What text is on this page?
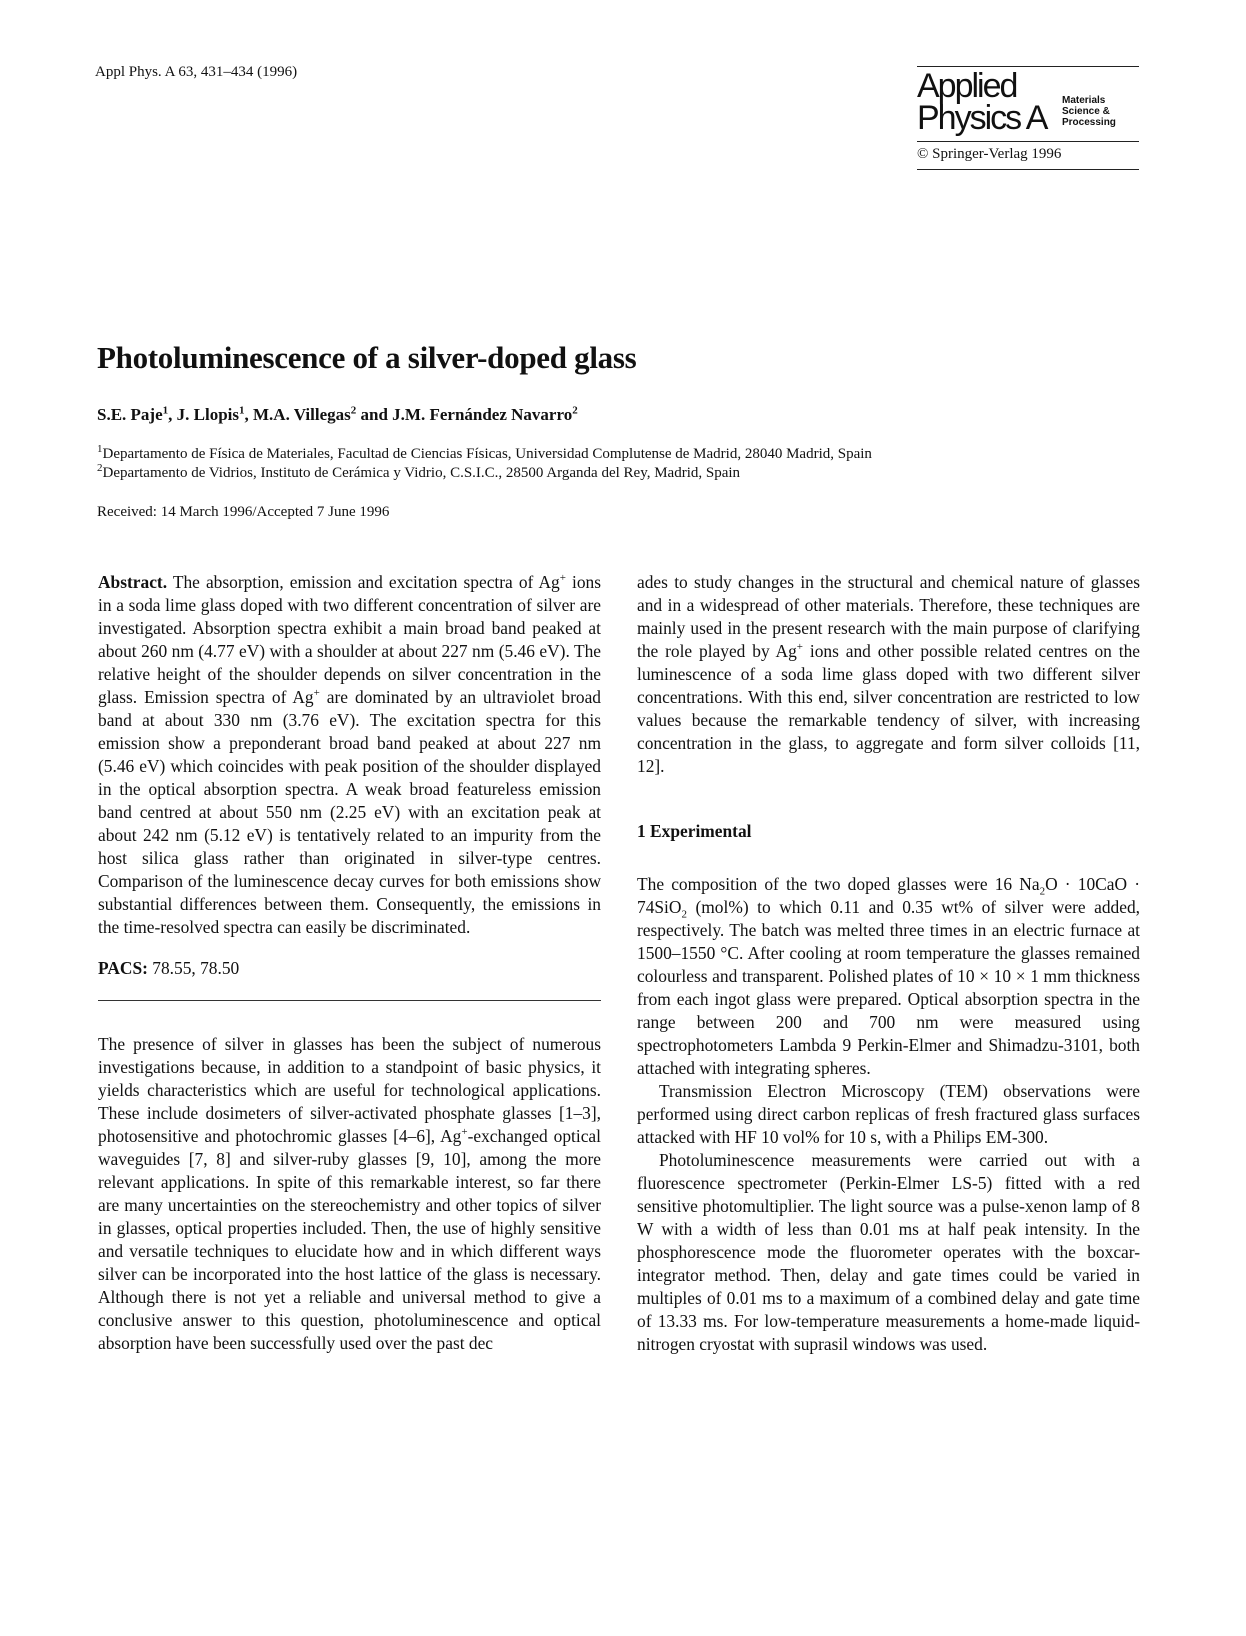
Appl Phys. A 63, 431–434 (1996)	Applied
Physics A Materials
Science &
Processing
© Springer-Verlag 1996
Photoluminescence of a silver-doped glass
S.E. Paje$^1$, J. Llopis$^1$, M.A. Villegas$^2$ and J.M. Fernández Navarro$^2$
$^1$Departamento de Física de Materiales, Facultad de Ciencias Físicas, Universidad Complutense de Madrid, 28040 Madrid, Spain
$^2$Departamento de Vidrios, Instituto de Cerámica y Vidrio, C.S.I.C., 28500 Arganda del Rey, Madrid, Spain
Received: 14 March 1996/Accepted 7 June 1996

Abstract. The absorption, emission and excitation spectra of Ag+ ions in a soda lime glass doped with two different concentration of silver are investigated. Absorption spectra exhibit a main broad band peaked at about 260 nm (4.77 eV) with a shoulder at about 227 nm (5.46 eV). The relative height of the shoulder depends on silver concentration in the glass. Emission spectra of Ag+ are dominated by an ultraviolet broad band at about 330 nm (3.76 eV). The excitation spectra for this emission show a preponderant broad band peaked at about 227 nm (5.46 eV) which coincides with peak position of the shoulder displayed in the optical absorption spectra. A weak broad featureless emission band centred at about 550 nm (2.25 eV) with an excitation peak at about 242 nm (5.12 eV) is tentatively related to an impurity from the host silica glass rather than originated in silver-type centres. Comparison of the luminescence decay curves for both emissions show substantial differences between them. Consequently, the emissions in the time-resolved spectra can easily be discriminated.

PACS: 78.55, 78.50

The presence of silver in glasses has been the subject of numerous investigations because, in addition to a standpoint of basic physics, it yields characteristics which are useful for technological applications. These include dosimeters of silver-activated phosphate glasses [1–3], photosensitive and photochromic glasses [4–6], Ag+-exchanged optical waveguides [7, 8] and silver-ruby glasses [9, 10], among the more relevant applications. In spite of this remarkable interest, so far there are many uncertainties on the stereochemistry and other topics of silver in glasses, optical properties included. Then, the use of highly sensitive and versatile techniques to elucidate how and in which different ways silver can be incorporated into the host lattice of the glass is necessary. Although there is not yet a reliable and universal method to give a conclusive answer to this question, photoluminescence and optical absorption have been successfully used over the past dec

ades to study changes in the structural and chemical nature of glasses and in a widespread of other materials. Therefore, these techniques are mainly used in the present research with the main purpose of clarifying the role played by Ag+ ions and other possible related centres on the luminescence of a soda lime glass doped with two different silver concentrations. With this end, silver concentration are restricted to low values because the remarkable tendency of silver, with increasing concentration in the glass, to aggregate and form silver colloids [11, 12].

1 Experimental

The composition of the two doped glasses were 16 $Na_2O \cdot 10CaO \cdot 74SiO_2$ (mol%) to which 0.11 and 0.35 wt% of silver were added, respectively. The batch was melted three times in an electric furnace at 1500–1550 °C. After cooling at room temperature the glasses remained colourless and transparent. Polished plates of 10 × 10 × 1 mm thickness from each ingot glass were prepared. Optical absorption spectra in the range between 200 and 700 nm were measured using spectrophotometers Lambda 9 Perkin-Elmer and Shimadzu-3101, both attached with integrating spheres.

Transmission Electron Microscopy (TEM) observations were performed using direct carbon replicas of fresh fractured glass surfaces attacked with HF 10 vol% for 10 s, with a Philips EM-300.

Photoluminescence measurements were carried out with a fluorescence spectrometer (Perkin-Elmer LS-5) fitted with a red sensitive photomultiplier. The light source was a pulse-xenon lamp of 8 W with a width of less than 0.01 ms at half peak intensity. In the phosphorescence mode the fluorometer operates with the boxcar-integrator method. Then, delay and gate times could be varied in multiples of 0.01 ms to a maximum of a combined delay and gate time of 13.33 ms. For low-temperature measurements a home-made liquid-nitrogen cryostat with suprasil windows was used.
